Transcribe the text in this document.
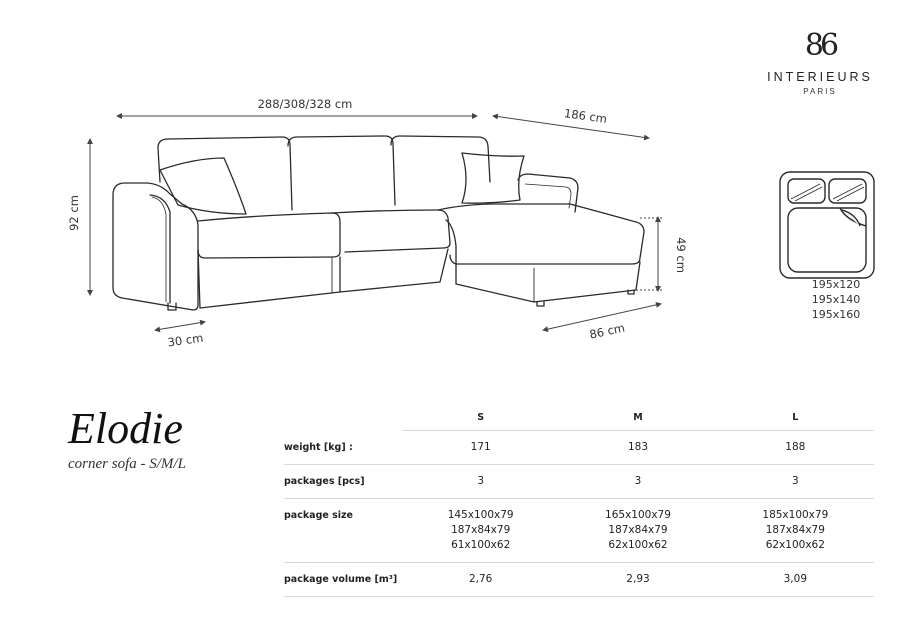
288/308/328 cm
186 cm
92 cm
49 cm
86 cm
30 cm
195x120
195x140
195x160
86
INTERIEURS
PARIS
Elodie
corner sofa - S/M/L
	S	M	L
weight [kg] :	171	183	188
packages [pcs]	3	3	3
package size	145x100x79
187x84x79
61x100x62	165x100x79
187x84x79
62x100x62	185x100x79
187x84x79
62x100x62

package volume [m³]	2,76	2,93	3,09
